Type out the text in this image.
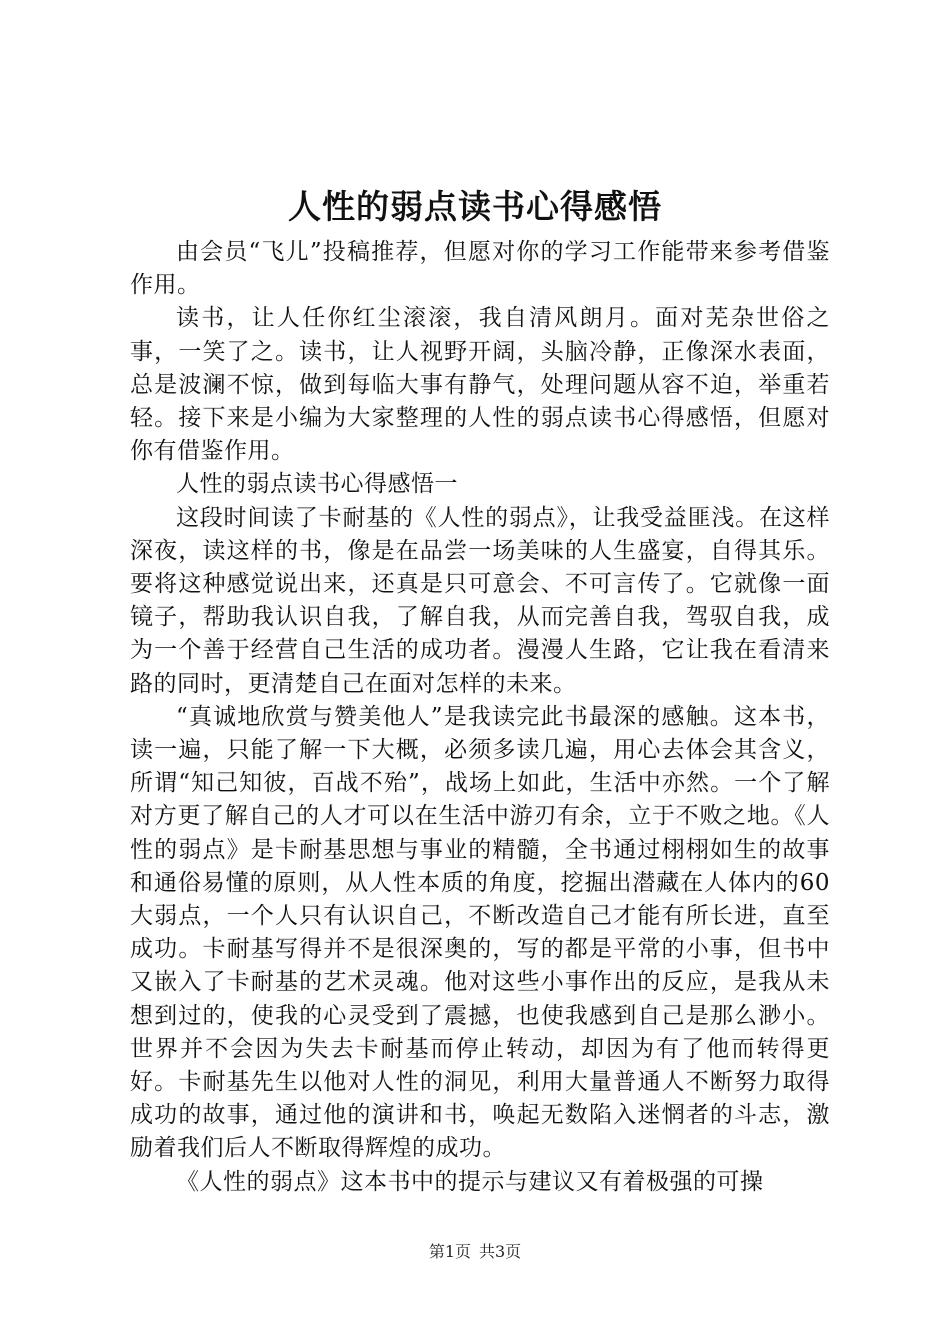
人性的弱点读书心得感悟

由会员“飞儿”投稿推荐，但愿对你的学习工作能带来参考借鉴作用。

读书，让人任你红尘滚滚，我自清风朗月。面对芜杂世俗之事，一笑了之。读书，让人视野开阔，头脑冷静，正像深水表面，总是波澜不惊，做到每临大事有静气，处理问题从容不迫，举重若轻。接下来是小编为大家整理的人性的弱点读书心得感悟，但愿对你有借鉴作用。

人性的弱点读书心得感悟一

这段时间读了卡耐基的《人性的弱点》，让我受益匪浅。在这样深夜，读这样的书，像是在品尝一场美味的人生盛宴，自得其乐。要将这种感觉说出来，还真是只可意会、不可言传了。它就像一面镜子，帮助我认识自我，了解自我，从而完善自我，驾驭自我，成为一个善于经营自己生活的成功者。漫漫人生路，它让我在看清来路的同时，更清楚自己在面对怎样的未来。

“真诚地欣赏与赞美他人”是我读完此书最深的感触。这本书，读一遍，只能了解一下大概，必须多读几遍，用心去体会其含义，所谓“知己知彼，百战不殆”，战场上如此，生活中亦然。一个了解对方更了解自己的人才可以在生活中游刃有余，立于不败之地。《人性的弱点》是卡耐基思想与事业的精髓，全书通过栩栩如生的故事和通俗易懂的原则，从人性本质的角度，挖掘出潜藏在人体内的60大弱点，一个人只有认识自己，不断改造自己才能有所长进，直至成功。卡耐基写得并不是很深奥的，写的都是平常的小事，但书中又嵌入了卡耐基的艺术灵魂。他对这些小事作出的反应，是我从未想到过的，使我的心灵受到了震撼，也使我感到自己是那么渺小。世界并不会因为失去卡耐基而停止转动，却因为有了他而转得更好。卡耐基先生以他对人性的洞见，利用大量普通人不断努力取得成功的故事，通过他的演讲和书，唤起无数陷入迷惘者的斗志，激励着我们后人不断取得辉煌的成功。

《人性的弱点》这本书中的提示与建议又有着极强的可操

第1页 共3页
